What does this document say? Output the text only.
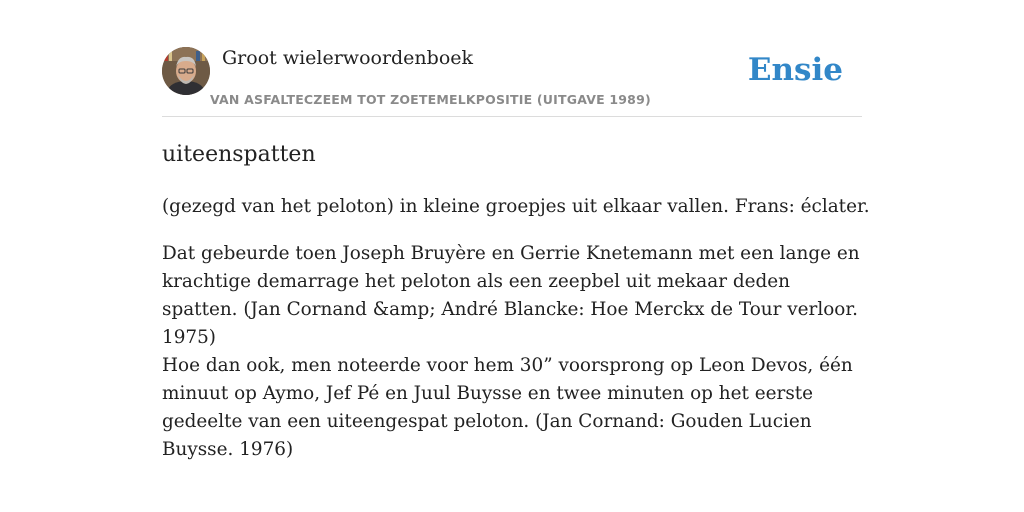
Groot wielerwoordenboek
VAN ASFALTECZEEM TOT ZOETEMELKPOSITIE (UITGAVE 1989)
Ensie
uiteenspatten

(gezegd van het peloton) in kleine groepjes uit elkaar vallen. Frans: éclater.

Dat gebeurde toen Joseph Bruyère en Gerrie Knetemann met een lange en krachtige demarrage het peloton als een zeepbel uit mekaar deden spatten. (Jan Cornand &amp; André Blancke: Hoe Merckx de Tour verloor. 1975)

Hoe dan ook, men noteerde voor hem 30” voorsprong op Leon Devos, één minuut op Aymo, Jef Pé en Juul Buysse en twee minuten op het eerste gedeelte van een uiteengespat peloton. (Jan Cornand: Gouden Lucien Buysse. 1976)
